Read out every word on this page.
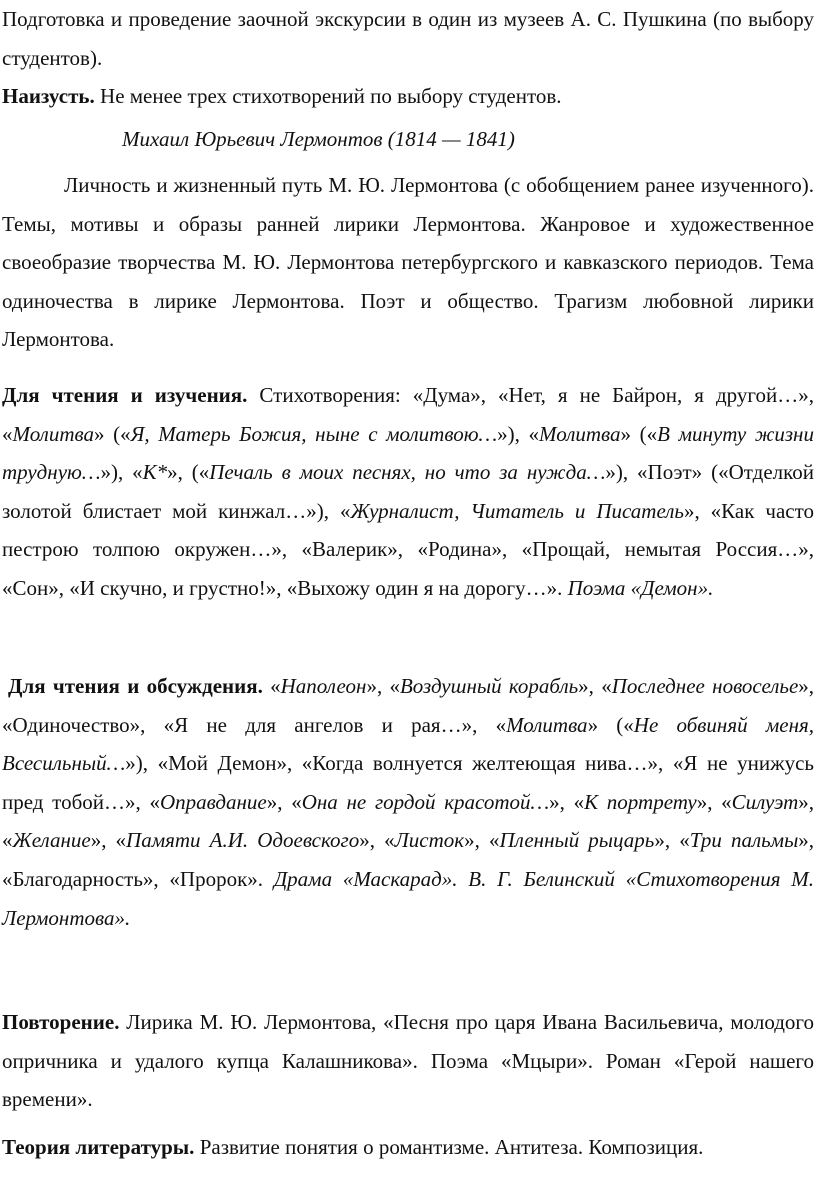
Подготовка и проведение заочной экскурсии в один из музеев А. С. Пушкина (по выбору студентов).

Наизусть. Не менее трех стихотворений по выбору студентов.

Михаил Юрьевич Лермонтов (1814 — 1841)

Личность и жизненный путь М. Ю. Лермонтова (с обобщением ранее изученного). Темы, мотивы и образы ранней лирики Лермонтова. Жанровое и художественное своеобразие творчества М. Ю. Лермонтова петербургского и кавказского периодов. Тема одиночества в лирике Лермонтова. Поэт и общество. Трагизм любовной лирики Лермонтова.

Для чтения и изучения. Стихотворения: «Дума», «Нет, я не Байрон, я другой…», «Молитва» («Я, Матерь Божия, ныне с молитвою…»), «Молитва» («В минуту жизни трудную…»), «К*», («Печаль в моих песнях, но что за нужда…»), «Поэт» («Отделкой золотой блистает мой кинжал…»), «Журналист, Читатель и Писатель», «Как часто пестрою толпою окружен…», «Валерик», «Родина», «Прощай, немытая Россия…», «Сон», «И скучно, и грустно!», «Выхожу один я на дорогу…». Поэма «Демон».

Для чтения и обсуждения. «Наполеон», «Воздушный корабль», «Последнее новоселье», «Одиночество», «Я не для ангелов и рая…», «Молитва» («Не обвиняй меня, Всесильный…»), «Мой Демон», «Когда волнуется желтеющая нива…», «Я не унижусь пред тобой…», «Оправдание», «Она не гордой красотой…», «К портрету», «Силуэт», «Желание», «Памяти А.И. Одоевского», «Листок», «Пленный рыцарь», «Три пальмы», «Благодарность», «Пророк». Драма «Маскарад». В. Г. Белинский «Стихотворения М. Лермонтова».

Повторение. Лирика М. Ю. Лермонтова, «Песня про царя Ивана Васильевича, молодого опричника и удалого купца Калашникова». Поэма «Мцыри». Роман «Герой нашего времени».

Теория литературы. Развитие понятия о романтизме. Антитеза. Композиция.
